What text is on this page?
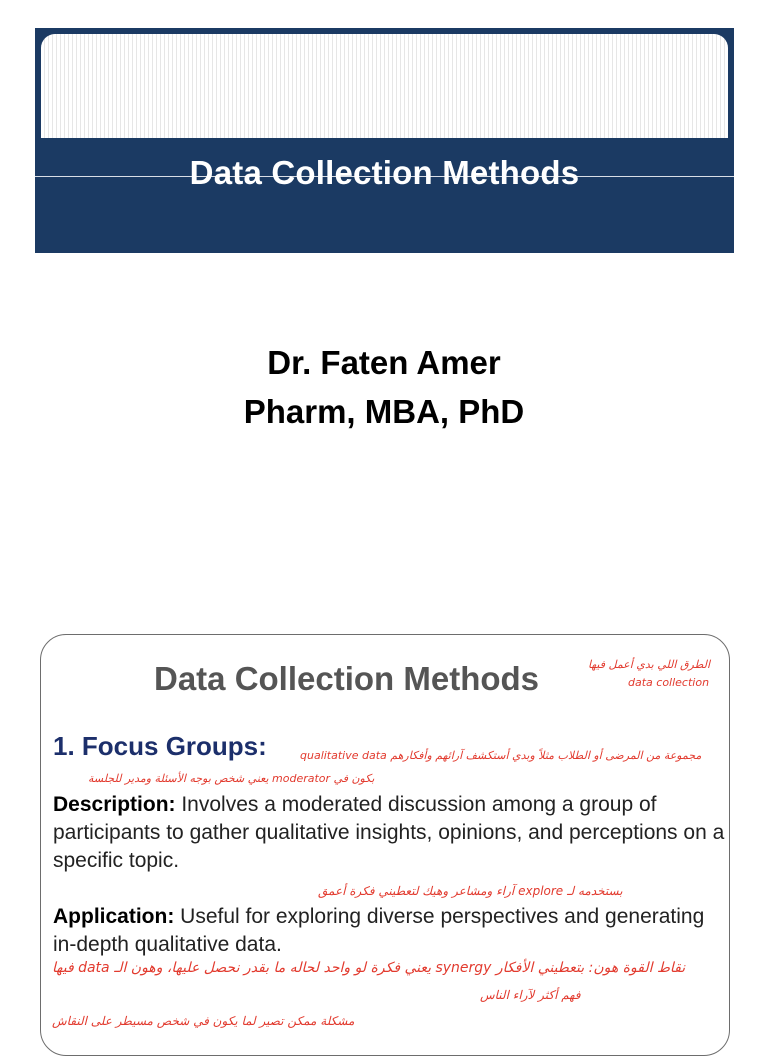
Data Collection Methods
Dr. Faten Amer
Pharm, MBA, PhD
Data Collection Methods
1. Focus Groups:
Description: Involves a moderated discussion among a group of participants to gather qualitative insights, opinions, and perceptions on a specific topic.
Application: Useful for exploring diverse perspectives and generating in-depth qualitative data.
الطرق اللي بدي أعمل فيها
data collection
مجموعة من المرضى أو الطلاب مثلاً وبدي أستكشف آرائهم وأفكارهم qualitative data
بكون في moderator يعني شخص بوجه الأسئلة ومدير للجلسة
بستخدمه لـ explore آراء ومشاعر وهيك لتعطيني فكرة أعمق
نقاط القوة هون: بتعطيني الأفكار synergy يعني فكرة لو واحد لحاله ما بقدر نحصل عليها، وهون الـ data فيها
فهم أكثر لآراء الناس
مشكلة ممكن تصير لما يكون في شخص مسيطر على النقاش
